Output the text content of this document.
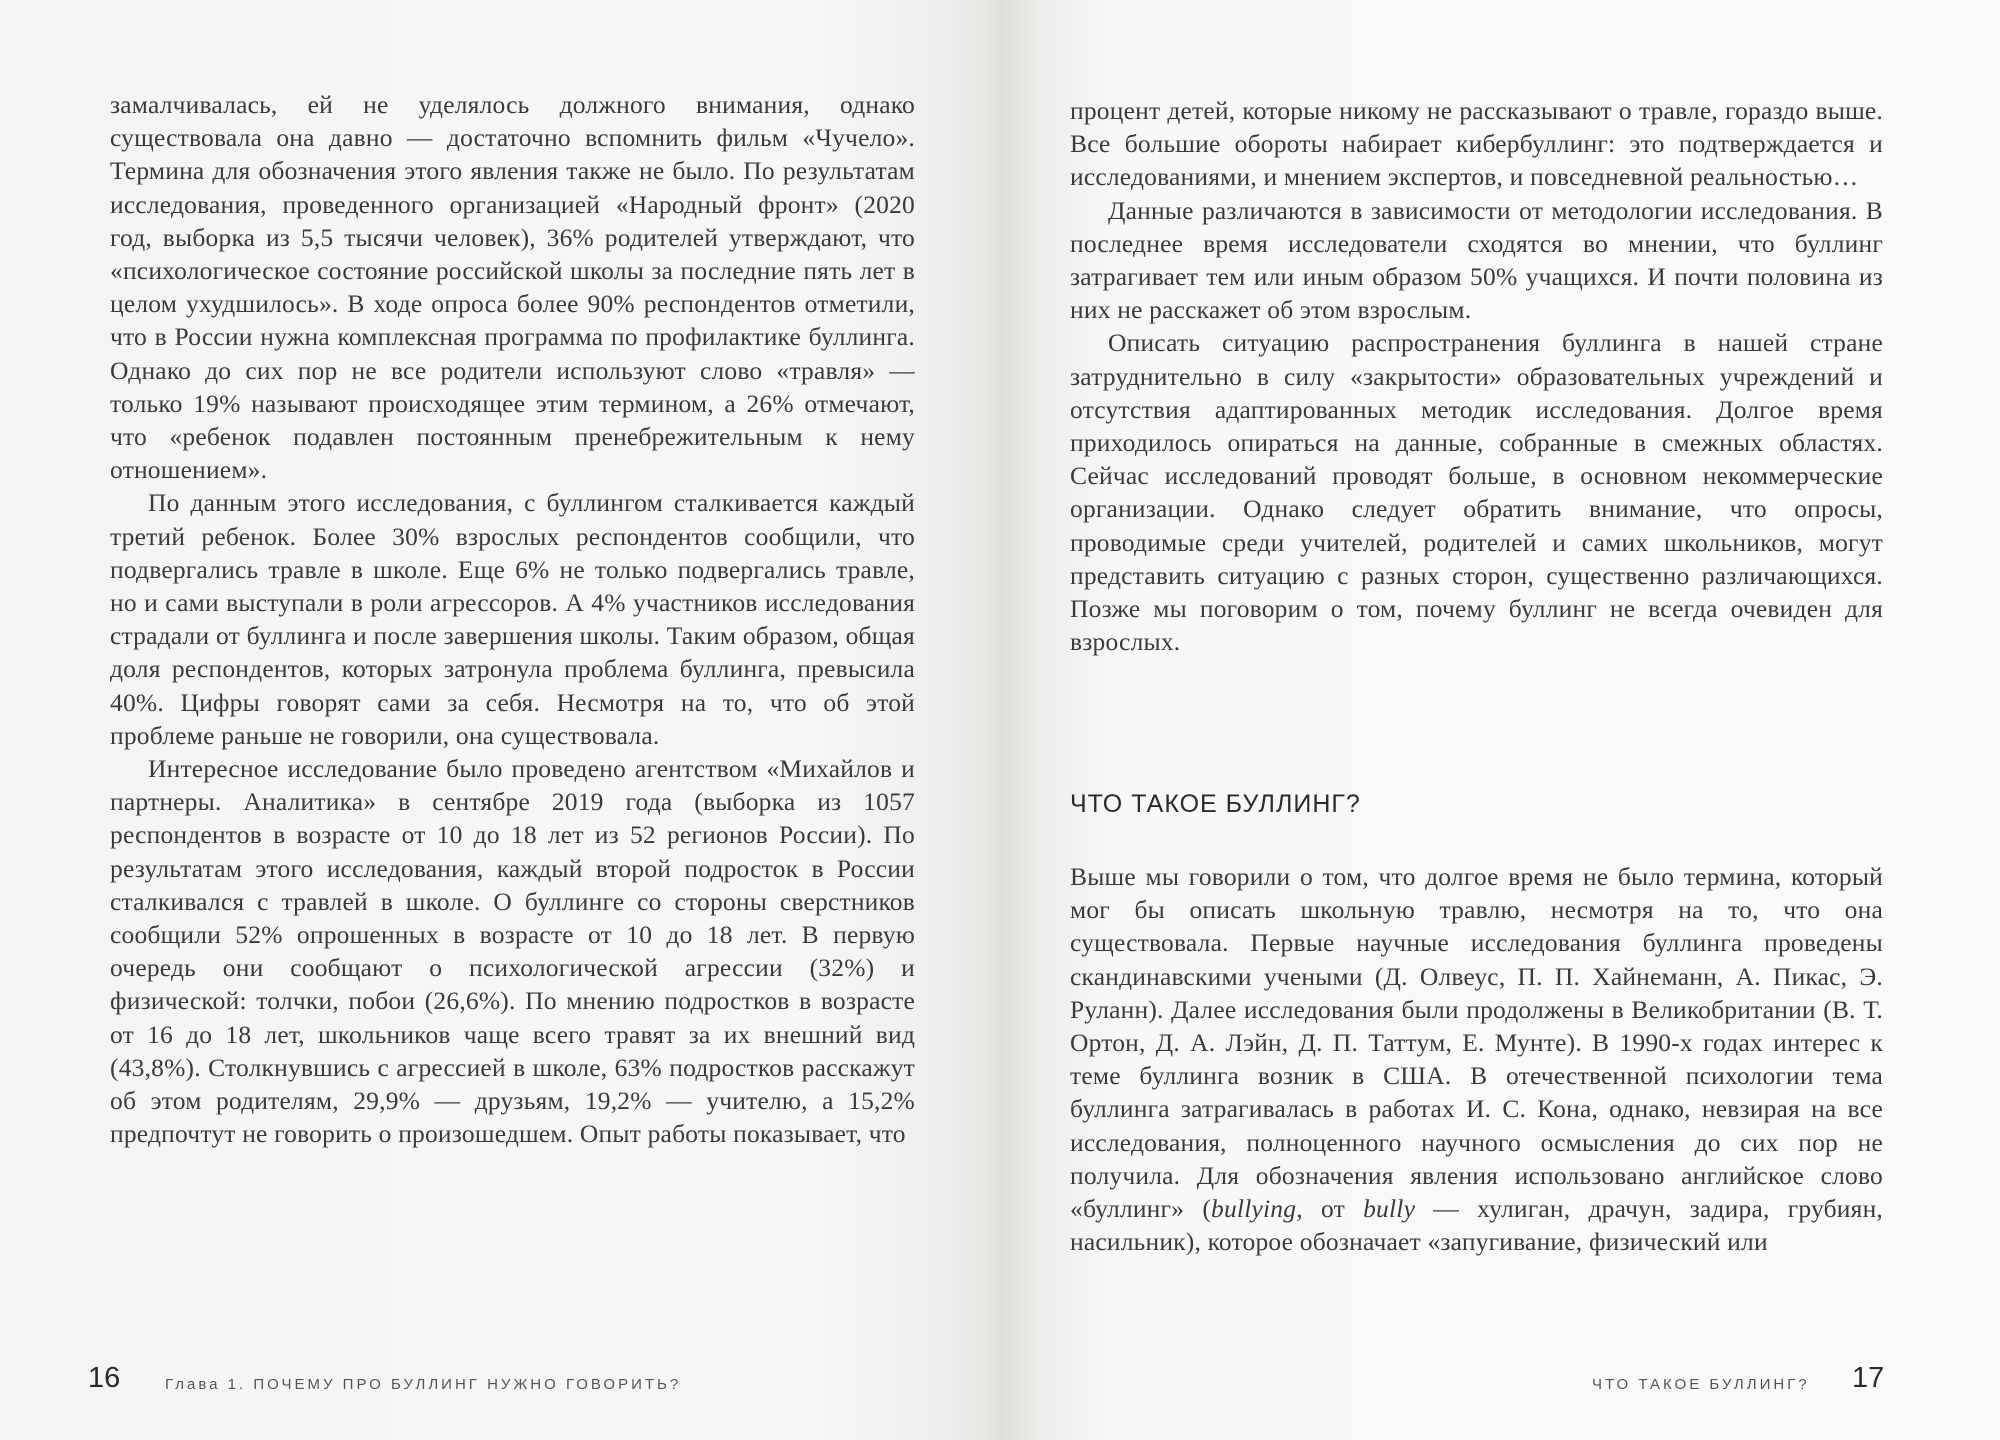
замалчивалась, ей не уделялось должного внимания, однако существовала она давно — достаточно вспомнить фильм «Чучело». Термина для обозначения этого явления также не было. По результатам исследования, проведенного организацией «Народный фронт» (2020 год, выборка из 5,5 тысячи человек), 36% родителей утверждают, что «психологическое состояние российской школы за последние пять лет в целом ухудшилось». В ходе опроса более 90% респондентов отметили, что в России нужна комплексная программа по профилактике буллинга. Однако до сих пор не все родители используют слово «травля» — только 19% называют происходящее этим термином, а 26% отмечают, что «ребенок подавлен постоянным пренебрежительным к нему отношением».

По данным этого исследования, с буллингом сталкивается каждый третий ребенок. Более 30% взрослых респондентов сообщили, что подвергались травле в школе. Еще 6% не только подвергались травле, но и сами выступали в роли агрессоров. А 4% участников исследования страдали от буллинга и после завершения школы. Таким образом, общая доля респондентов, которых затронула проблема буллинга, превысила 40%. Цифры говорят сами за себя. Несмотря на то, что об этой проблеме раньше не говорили, она существовала.

Интересное исследование было проведено агентством «Михайлов и партнеры. Аналитика» в сентябре 2019 года (выборка из 1057 респондентов в возрасте от 10 до 18 лет из 52 регионов России). По результатам этого исследования, каждый второй подросток в России сталкивался с травлей в школе. О буллинге со стороны сверстников сообщили 52% опрошенных в возрасте от 10 до 18 лет. В первую очередь они сообщают о психологической агрессии (32%) и физической: толчки, побои (26,6%). По мнению подростков в возрасте от 16 до 18 лет, школьников чаще всего травят за их внешний вид (43,8%). Столкнувшись с агрессией в школе, 63% подростков расскажут об этом родителям, 29,9% — друзьям, 19,2% — учителю, а 15,2% предпочтут не говорить о произошедшем. Опыт работы показывает, что

16	Глава 1. ПОЧЕМУ ПРО БУЛЛИНГ НУЖНО ГОВОРИТЬ?

процент детей, которые никому не рассказывают о травле, гораздо выше. Все большие обороты набирает кибербуллинг: это подтверждается и исследованиями, и мнением экспертов, и повседневной реальностью…

Данные различаются в зависимости от методологии исследования. В последнее время исследователи сходятся во мнении, что буллинг затрагивает тем или иным образом 50% учащихся. И почти половина из них не расскажет об этом взрослым.

Описать ситуацию распространения буллинга в нашей стране затруднительно в силу «закрытости» образовательных учреждений и отсутствия адаптированных методик исследования. Долгое время приходилось опираться на данные, собранные в смежных областях. Сейчас исследований проводят больше, в основном некоммерческие организации. Однако следует обратить внимание, что опросы, проводимые среди учителей, родителей и самих школьников, могут представить ситуацию с разных сторон, существенно различающихся. Позже мы поговорим о том, почему буллинг не всегда очевиден для взрослых.

ЧТО ТАКОЕ БУЛЛИНГ?

Выше мы говорили о том, что долгое время не было термина, который мог бы описать школьную травлю, несмотря на то, что она существовала. Первые научные исследования буллинга проведены скандинавскими учеными (Д. Олвеус, П. П. Хайнеманн, А. Пикас, Э. Руланн). Далее исследования были продолжены в Великобритании (В. Т. Ортон, Д. А. Лэйн, Д. П. Таттум, Е. Мунте). В 1990-х годах интерес к теме буллинга возник в США. В отечественной психологии тема буллинга затрагивалась в работах И. С. Кона, однако, невзирая на все исследования, полноценного научного осмысления до сих пор не получила. Для обозначения явления использовано английское слово «буллинг» (bullying, от bully — хулиган, драчун, задира, грубиян, насильник), которое обозначает «запугивание, физический или

ЧТО ТАКОЕ БУЛЛИНГ? 17
